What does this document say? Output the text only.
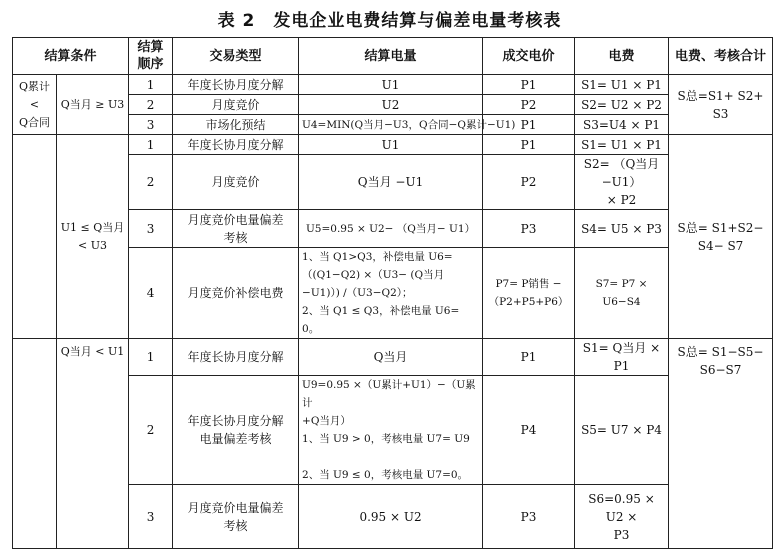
表 2　发电企业电费结算与偏差电量考核表
结算条件		结算
顺序	交易类型	结算电量	成交电价	电费	电费、考核合计
Q累计
<
Q合同	Q当月 ≥ U3	1	年度长协月度分解	U1	P1	S1= U1 × P1	S总=S1+ S2+ S3
		2	月度竞价	U2	P2	S2= U2 × P2	
		3	市场化预结	U4=MIN(Q当月−U3，Q合同−Q累计−U1)	P1	S3=U4 × P1	
	U1 ≤ Q当月
< U3	1	年度长协月度分解	U1	P1	S1= U1 × P1	S总= S1+S2− S4− S7
		2	月度竞价	Q当月 −U1	P2	S2= （Q当月 −U1）
× P2	
		3	月度竞价电量偏差
考核	U5=0.95 × U2− （Q当月− U1）	P3	S4= U5 × P3	
		4	月度竞价补偿电费	1、当 Q1>Q3，补偿电量 U6=
（(Q1−Q2) ×（U3− (Q当月
−U1)）) /（U3−Q2）；
2、当 Q1 ≤ Q3，补偿电量 U6= 0。	P7= P销售 −
（P2+P5+P6）	S7= P7 × U6−S4	
	Q当月 < U1	1	年度长协月度分解	Q当月	P1	S1= Q当月 × P1	S总= S1−S5− S6−S7
		2	年度长协月度分解
电量偏差考核	U9=0.95 ×（U累计+U1）−（U累计
+Q当月）
1、当 U9 > 0，考核电量 U7= U9

2、当 U9 ≤ 0，考核电量 U7=0。	P4	S5= U7 × P4	
		3	月度竞价电量偏差
考核	0.95 × U2	P3	S6=0.95 × U2 ×
P3	
